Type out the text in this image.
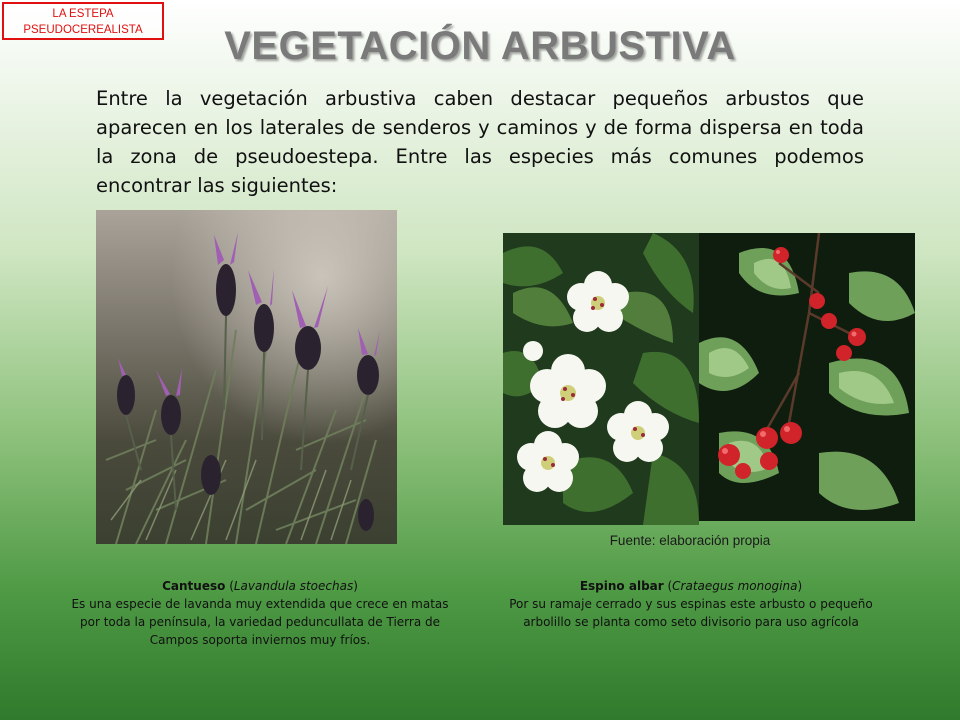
LA ESTEPA
PSEUDOCEREALISTA	VEGETACIÓN ARBUSTIVA
Entre la vegetación arbustiva caben destacar pequeños arbustos que aparecen en los laterales de senderos y caminos y de forma dispersa en toda la zona de pseudoestepa. Entre las especies más comunes podemos encontrar las siguientes:
Fuente: elaboración propia
Cantueso (Lavandula stoechas)
Es una especie de lavanda muy extendida que crece en matas por toda la península, la variedad peduncullata de Tierra de Campos soporta inviernos muy fríos.
Espino albar (Crataegus monogina)
Por su ramaje cerrado y sus espinas este arbusto o pequeño arbolillo se planta como seto divisorio para uso agrícola
